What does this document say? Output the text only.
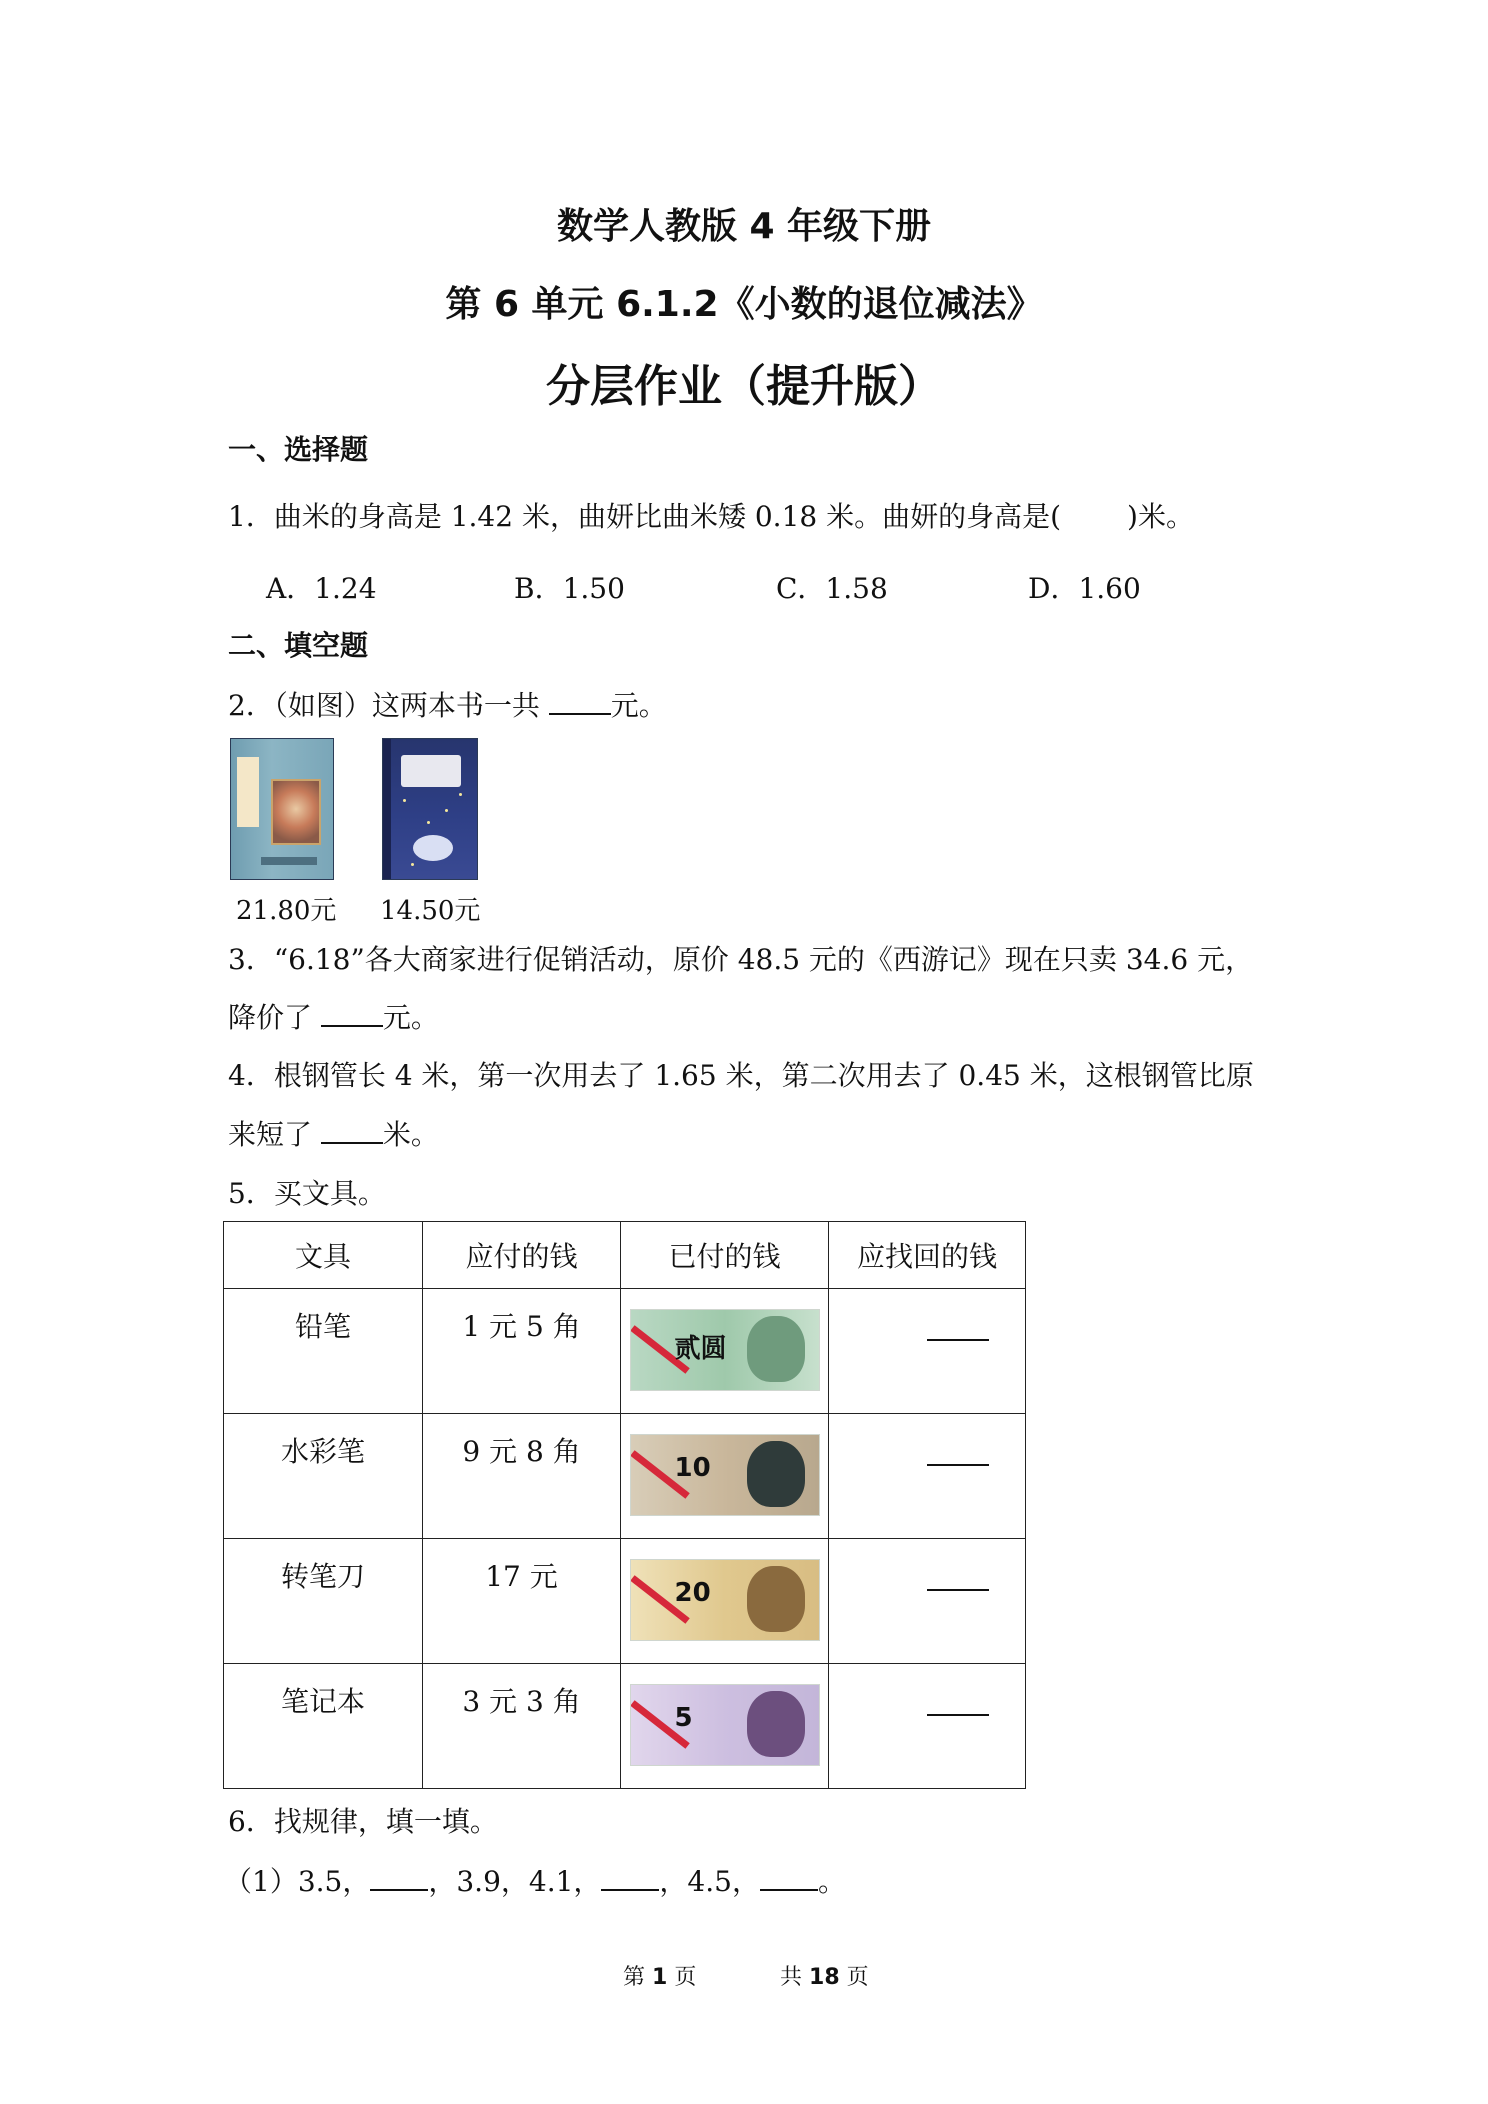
数学人教版 4 年级下册
第 6 单元 6.1.2《小数的退位减法》
分层作业（提升版）
一、选择题
1．曲米的身高是 1.42 米，曲妍比曲米矮 0.18 米。曲妍的身高是( )米。
A．1.24	B．1.50	C．1.58	D．1.60
二、填空题
2．（如图）这两本书一共 元。
21.80元 14.50元
3．“6.18”各大商家进行促销活动，原价 48.5 元的《西游记》现在只卖 34.6 元，
降价了 元。
4．根钢管长 4 米，第一次用去了 1.65 米，第二次用去了 0.45 米，这根钢管比原
来短了 米。
5．买文具。
文具	应付的钱	已付的钱	应找回的钱

铅笔	1 元 5 角	贰圆	

水彩笔	9 元 8 角	10	

转笔刀	17 元	20	

笔记本	3 元 3 角	5	

6．找规律，填一填。
（1）3.5， ，3.9，4.1， ，4.5， 。
第 1 页	共 18 页
